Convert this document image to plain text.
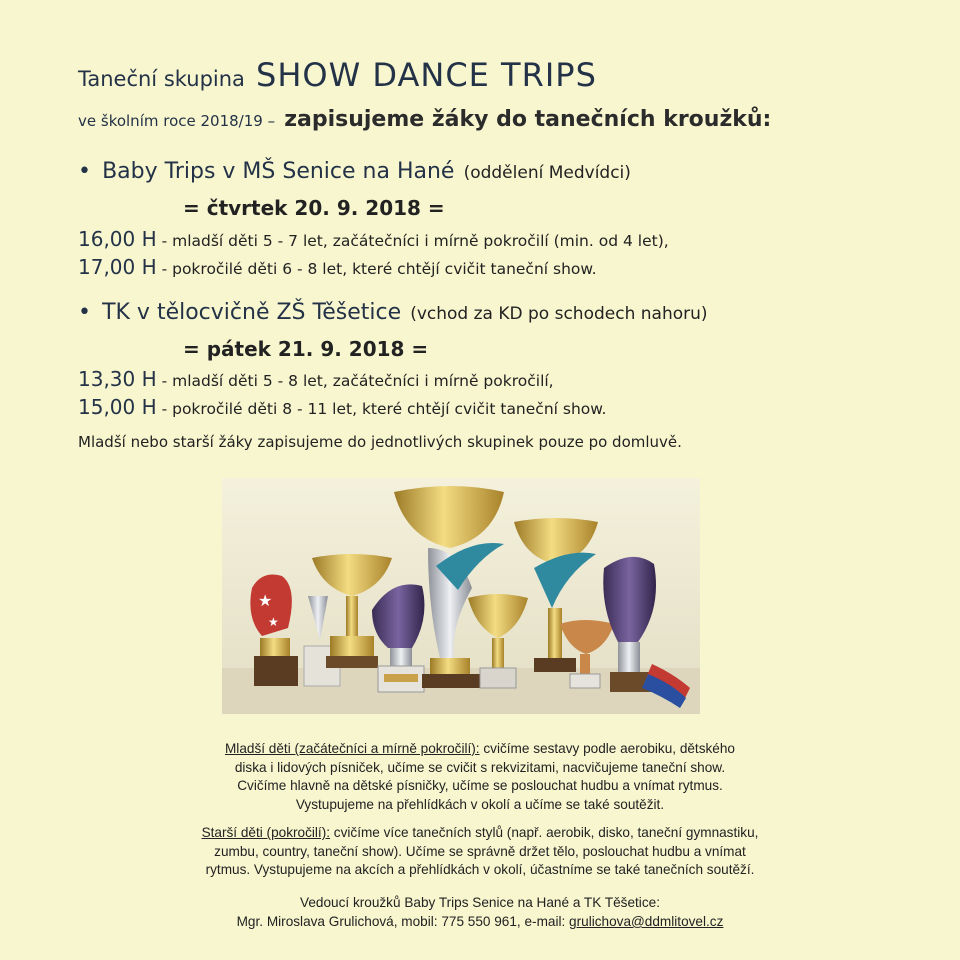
Taneční skupina SHOW DANCE TRIPS
ve školním roce 2018/19 – zapisujeme žáky do tanečních kroužků:
• Baby Trips v MŠ Senice na Hané (oddělení Medvídci)
= čtvrtek 20. 9. 2018 =
16,00 H - mladší děti 5 - 7 let, začátečníci i mírně pokročilí (min. od 4 let),
17,00 H - pokročilé děti 6 - 8 let, které chtějí cvičit taneční show.
• TK v tělocvičně ZŠ Těšetice (vchod za KD po schodech nahoru)
= pátek 21. 9. 2018 =
13,30 H - mladší děti 5 - 8 let, začátečníci i mírně pokročilí,
15,00 H - pokročilé děti 8 - 11 let, které chtějí cvičit taneční show.
Mladší nebo starší žáky zapisujeme do jednotlivých skupinek pouze po domluvě.
★
★
Mladší děti (začátečníci a mírně pokročilí): cvičíme sestavy podle aerobiku, dětského
diska i lidových písniček, učíme se cvičit s rekvizitami, nacvičujeme taneční show.
Cvičíme hlavně na dětské písničky, učíme se poslouchat hudbu a vnímat rytmus.
Vystupujeme na přehlídkách v okolí a učíme se také soutěžit.
Starší děti (pokročilí): cvičíme více tanečních stylů (např. aerobik, disko, taneční gymnastiku,
zumbu, country, taneční show). Učíme se správně držet tělo, poslouchat hudbu a vnímat
rytmus. Vystupujeme na akcích a přehlídkách v okolí, účastníme se také tanečních soutěží.
Vedoucí kroužků Baby Trips Senice na Hané a TK Těšetice:
Mgr. Miroslava Grulichová, mobil: 775 550 961, e-mail: grulichova@ddmlitovel.cz
